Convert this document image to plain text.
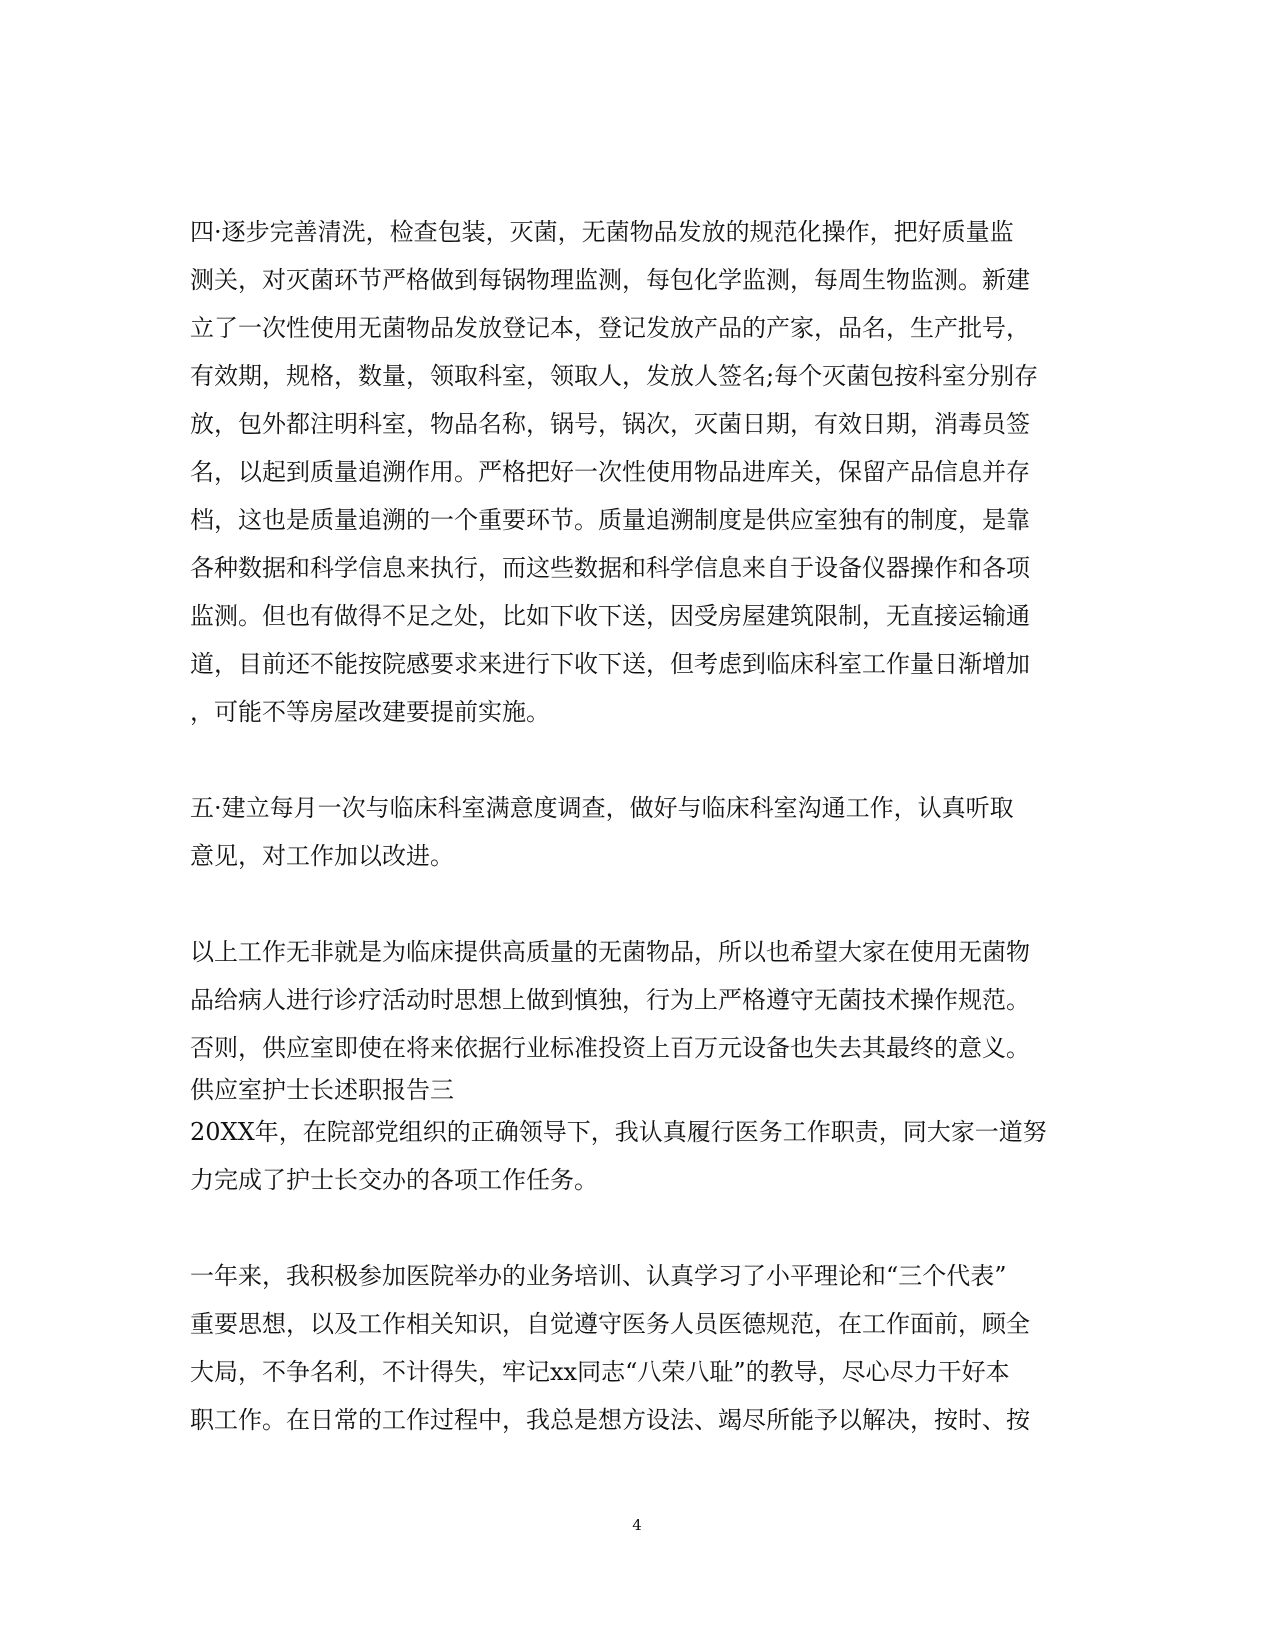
四·逐步完善清洗，检查包装，灭菌，无菌物品发放的规范化操作，把好质量监
测关，对灭菌环节严格做到每锅物理监测，每包化学监测，每周生物监测。新建
立了一次性使用无菌物品发放登记本，登记发放产品的产家，品名，生产批号，
有效期，规格，数量，领取科室，领取人，发放人签名;每个灭菌包按科室分别存
放，包外都注明科室，物品名称，锅号，锅次，灭菌日期，有效日期，消毒员签
名，以起到质量追溯作用。严格把好一次性使用物品进库关，保留产品信息并存
档，这也是质量追溯的一个重要环节。质量追溯制度是供应室独有的制度，是靠
各种数据和科学信息来执行，而这些数据和科学信息来自于设备仪器操作和各项
监测。但也有做得不足之处，比如下收下送，因受房屋建筑限制，无直接运输通
道，目前还不能按院感要求来进行下收下送，但考虑到临床科室工作量日渐增加
，可能不等房屋改建要提前实施。
五·建立每月一次与临床科室满意度调查，做好与临床科室沟通工作，认真听取
意见，对工作加以改进。
以上工作无非就是为临床提供高质量的无菌物品，所以也希望大家在使用无菌物
品给病人进行诊疗活动时思想上做到慎独，行为上严格遵守无菌技术操作规范。
否则，供应室即使在将来依据行业标准投资上百万元设备也失去其最终的意义。
供应室护士长述职报告三
20XX年，在院部党组织的正确领导下，我认真履行医务工作职责，同大家一道努
力完成了护士长交办的各项工作任务。
一年来，我积极参加医院举办的业务培训、认真学习了小平理论和“三个代表”
重要思想，以及工作相关知识，自觉遵守医务人员医德规范，在工作面前，顾全
大局，不争名利，不计得失，牢记xx同志“八荣八耻”的教导，尽心尽力干好本
职工作。在日常的工作过程中，我总是想方设法、竭尽所能予以解决，按时、按
4
